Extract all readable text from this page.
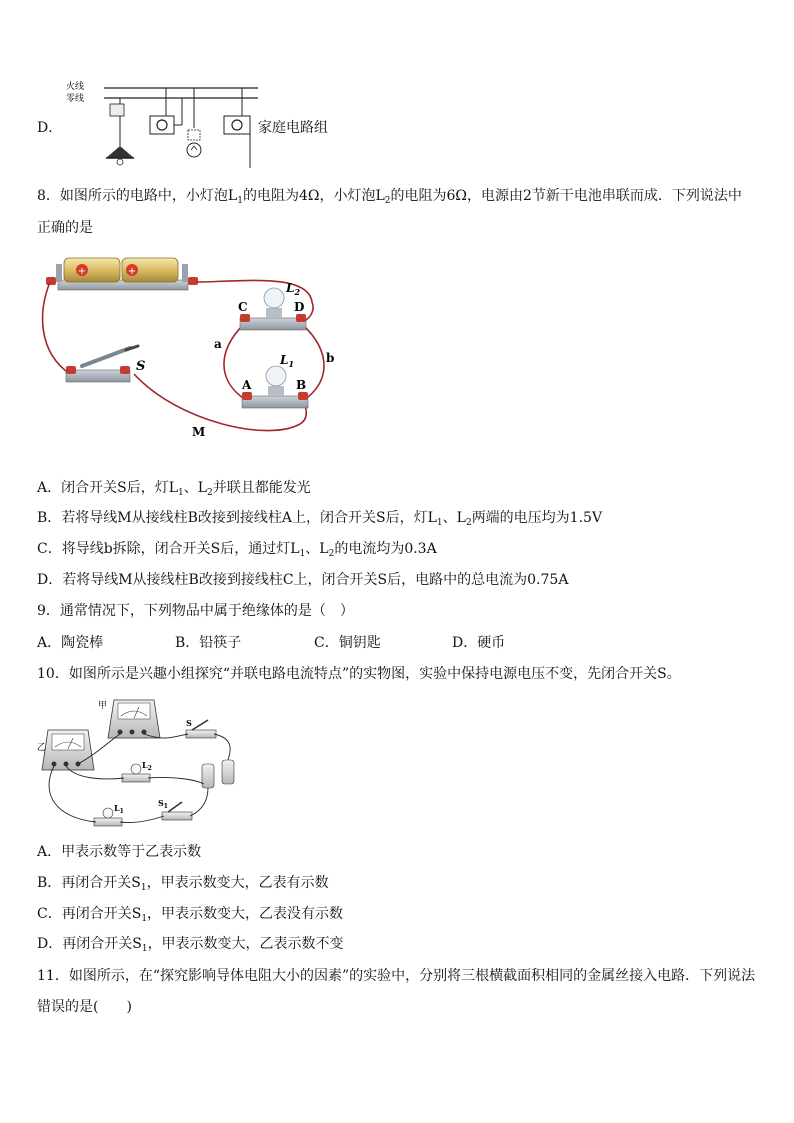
D．
火线
零线
家庭电路组
8．如图所示的电路中，小灯泡$L_1$的电阻为4Ω，小灯泡$L_2$的电阻为6Ω，电源由2节新干电池串联而成．下列说法中
正确的是
+	+
S
C	D
$L_2$
A	B
$L_1$
a
b
M
A．闭合开关S后，灯$L_1$、$L_2$并联且都能发光
B．若将导线M从接线柱B改接到接线柱A上，闭合开关S后，灯$L_1$、$L_2$两端的电压均为1.5V
C．将导线b拆除，闭合开关S后，通过灯$L_1$、$L_2$的电流均为0.3A
D．若将导线M从接线柱B改接到接线柱C上，闭合开关S后，电路中的总电流为0.75A
9．通常情况下，下列物品中属于绝缘体的是（　）
A．陶瓷棒	B．铅筷子	C．铜钥匙	D．硬币
10．如图所示是兴趣小组探究“并联电路电流特点”的实物图，实验中保持电源电压不变，先闭合开关S。
甲
乙
S
$L_2$
$L_1$
$S_1$
A．甲表示数等于乙表示数
B．再闭合开关$S_1$，甲表示数变大，乙表有示数
C．再闭合开关$S_1$，甲表示数变大，乙表没有示数
D．再闭合开关$S_1$，甲表示数变大，乙表示数不变
11．如图所示，在“探究影响导体电阻大小的因素”的实验中，分别将三根横截面积相同的金属丝接入电路．下列说法
错误的是(　　)
